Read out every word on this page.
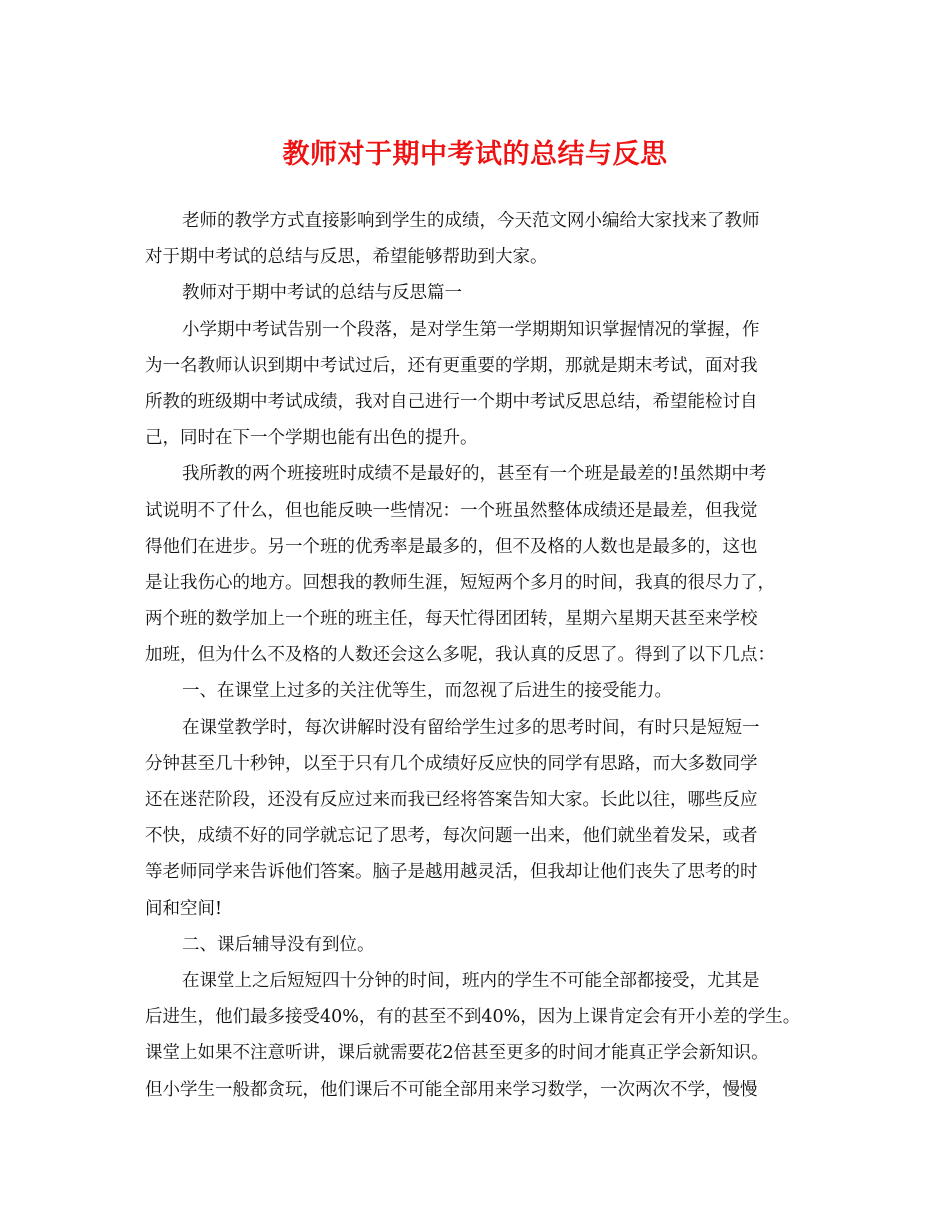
教师对于期中考试的总结与反思
老师的教学方式直接影响到学生的成绩，今天范文网小编给大家找来了教师
对于期中考试的总结与反思，希望能够帮助到大家。
教师对于期中考试的总结与反思篇一
小学期中考试告别一个段落，是对学生第一学期期知识掌握情况的掌握，作
为一名教师认识到期中考试过后，还有更重要的学期，那就是期末考试，面对我
所教的班级期中考试成绩，我对自己进行一个期中考试反思总结，希望能检讨自
己，同时在下一个学期也能有出色的提升。
我所教的两个班接班时成绩不是最好的，甚至有一个班是最差的!虽然期中考
试说明不了什么，但也能反映一些情况：一个班虽然整体成绩还是最差，但我觉
得他们在进步。另一个班的优秀率是最多的，但不及格的人数也是最多的，这也
是让我伤心的地方。回想我的教师生涯，短短两个多月的时间，我真的很尽力了，
两个班的数学加上一个班的班主任，每天忙得团团转，星期六星期天甚至来学校
加班，但为什么不及格的人数还会这么多呢，我认真的反思了。得到了以下几点：
一、在课堂上过多的关注优等生，而忽视了后进生的接受能力。
在课堂教学时，每次讲解时没有留给学生过多的思考时间，有时只是短短一
分钟甚至几十秒钟，以至于只有几个成绩好反应快的同学有思路，而大多数同学
还在迷茫阶段，还没有反应过来而我已经将答案告知大家。长此以往，哪些反应
不快，成绩不好的同学就忘记了思考，每次问题一出来，他们就坐着发呆，或者
等老师同学来告诉他们答案。脑子是越用越灵活，但我却让他们丧失了思考的时
间和空间!
二、课后辅导没有到位。
在课堂上之后短短四十分钟的时间，班内的学生不可能全部都接受，尤其是
后进生，他们最多接受40%，有的甚至不到40%，因为上课肯定会有开小差的学生。
课堂上如果不注意听讲，课后就需要花2倍甚至更多的时间才能真正学会新知识。
但小学生一般都贪玩，他们课后不可能全部用来学习数学，一次两次不学，慢慢
